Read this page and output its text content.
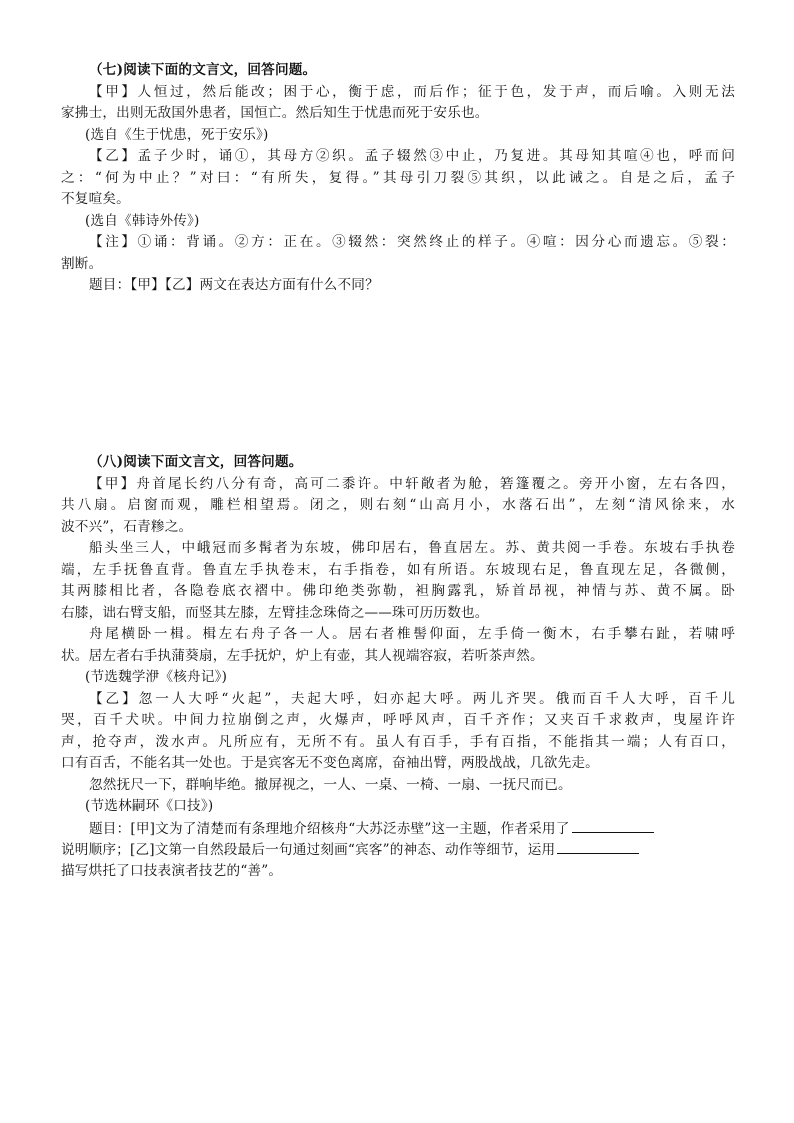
（七)阅读下面的文言文，回答问题。
【甲】人恒过，然后能改；困于心，衡于虑，而后作；征于色，发于声，而后喻。入则无法
家拂士，出则无敌国外患者，国恒亡。然后知生于忧患而死于安乐也。
(选自《生于忧患，死于安乐》)
【乙】孟子少时，诵①，其母方②织。孟子辍然③中止，乃复进。其母知其喧④也，呼而问
之：“何为中止？”对曰：“有所失，复得。”其母引刀裂⑤其织，以此诫之。自是之后，孟子
不复喧矣。
(选自《韩诗外传》)
【注】①诵：背诵。②方：正在。③辍然：突然终止的样子。④喧：因分心而遗忘。⑤裂：
割断。
题目：【甲】【乙】两文在表达方面有什么不同？
（八)阅读下面文言文，回答问题。
【甲】舟首尾长约八分有奇，高可二黍许。中轩敞者为舱，箬篷覆之。旁开小窗，左右各四，
共八扇。启窗而观，雕栏相望焉。闭之，则右刻“山高月小，水落石出”，左刻“清风徐来，水
波不兴”，石青糁之。
船头坐三人，中峨冠而多髯者为东坡，佛印居右，鲁直居左。苏、黄共阅一手卷。东坡右手执卷
端，左手抚鲁直背。鲁直左手执卷末，右手指卷，如有所语。东坡现右足，鲁直现左足，各微侧，
其两膝相比者，各隐卷底衣褶中。佛印绝类弥勒，袒胸露乳，矫首昂视，神情与苏、黄不属。卧
右膝，诎右臂支船，而竖其左膝，左臂挂念珠倚之——珠可历历数也。
舟尾横卧一楫。楫左右舟子各一人。居右者椎髻仰面，左手倚一衡木，右手攀右趾，若啸呼
状。居左者右手执蒲葵扇，左手抚炉，炉上有壶，其人视端容寂，若听茶声然。
(节选魏学洢《核舟记》)
【乙】忽一人大呼“火起”，夫起大呼，妇亦起大呼。两儿齐哭。俄而百千人大呼，百千儿
哭，百千犬吠。中间力拉崩倒之声，火爆声，呼呼风声，百千齐作；又夹百千求救声，曳屋许许
声，抢夺声，泼水声。凡所应有，无所不有。虽人有百手，手有百指，不能指其一端；人有百口，
口有百舌，不能名其一处也。于是宾客无不变色离席，奋袖出臂，两股战战，几欲先走。
忽然抚尺一下，群响毕绝。撤屏视之，一人、一桌、一椅、一扇、一抚尺而已。
(节选林嗣环《口技》)
题目：[甲]文为了清楚而有条理地介绍核舟“大苏泛赤壁”这一主题，作者采用了
说明顺序；[乙]文第一自然段最后一句通过刻画“宾客”的神态、动作等细节，运用
描写烘托了口技表演者技艺的“善”。
